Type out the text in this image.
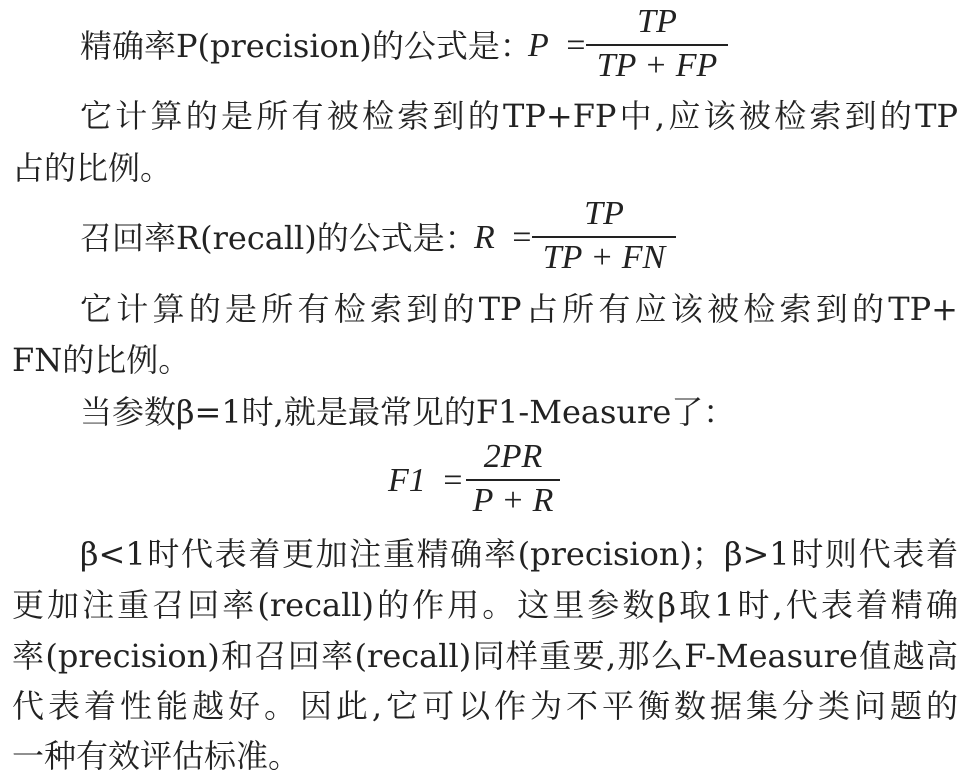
精确率P(precision)的公式是：
P =
TP
TP + FP
它计算的是所有被检索到的TP+FP中,应该被检索到的TP
占的比例。
召回率R(recall)的公式是：
R =
TP
TP + FN
它计算的是所有检索到的TP占所有应该被检索到的TP+
FN的比例。
当参数β=1时,就是最常见的F1-Measure了：
F1 =
2PR
P + R
β<1时代表着更加注重精确率(precision)；β>1时则代表着
更加注重召回率(recall)的作用。这里参数β取1时,代表着精确
率(precision)和召回率(recall)同样重要,那么F-Measure值越高
代表着性能越好。因此,它可以作为不平衡数据集分类问题的
一种有效评估标准。
